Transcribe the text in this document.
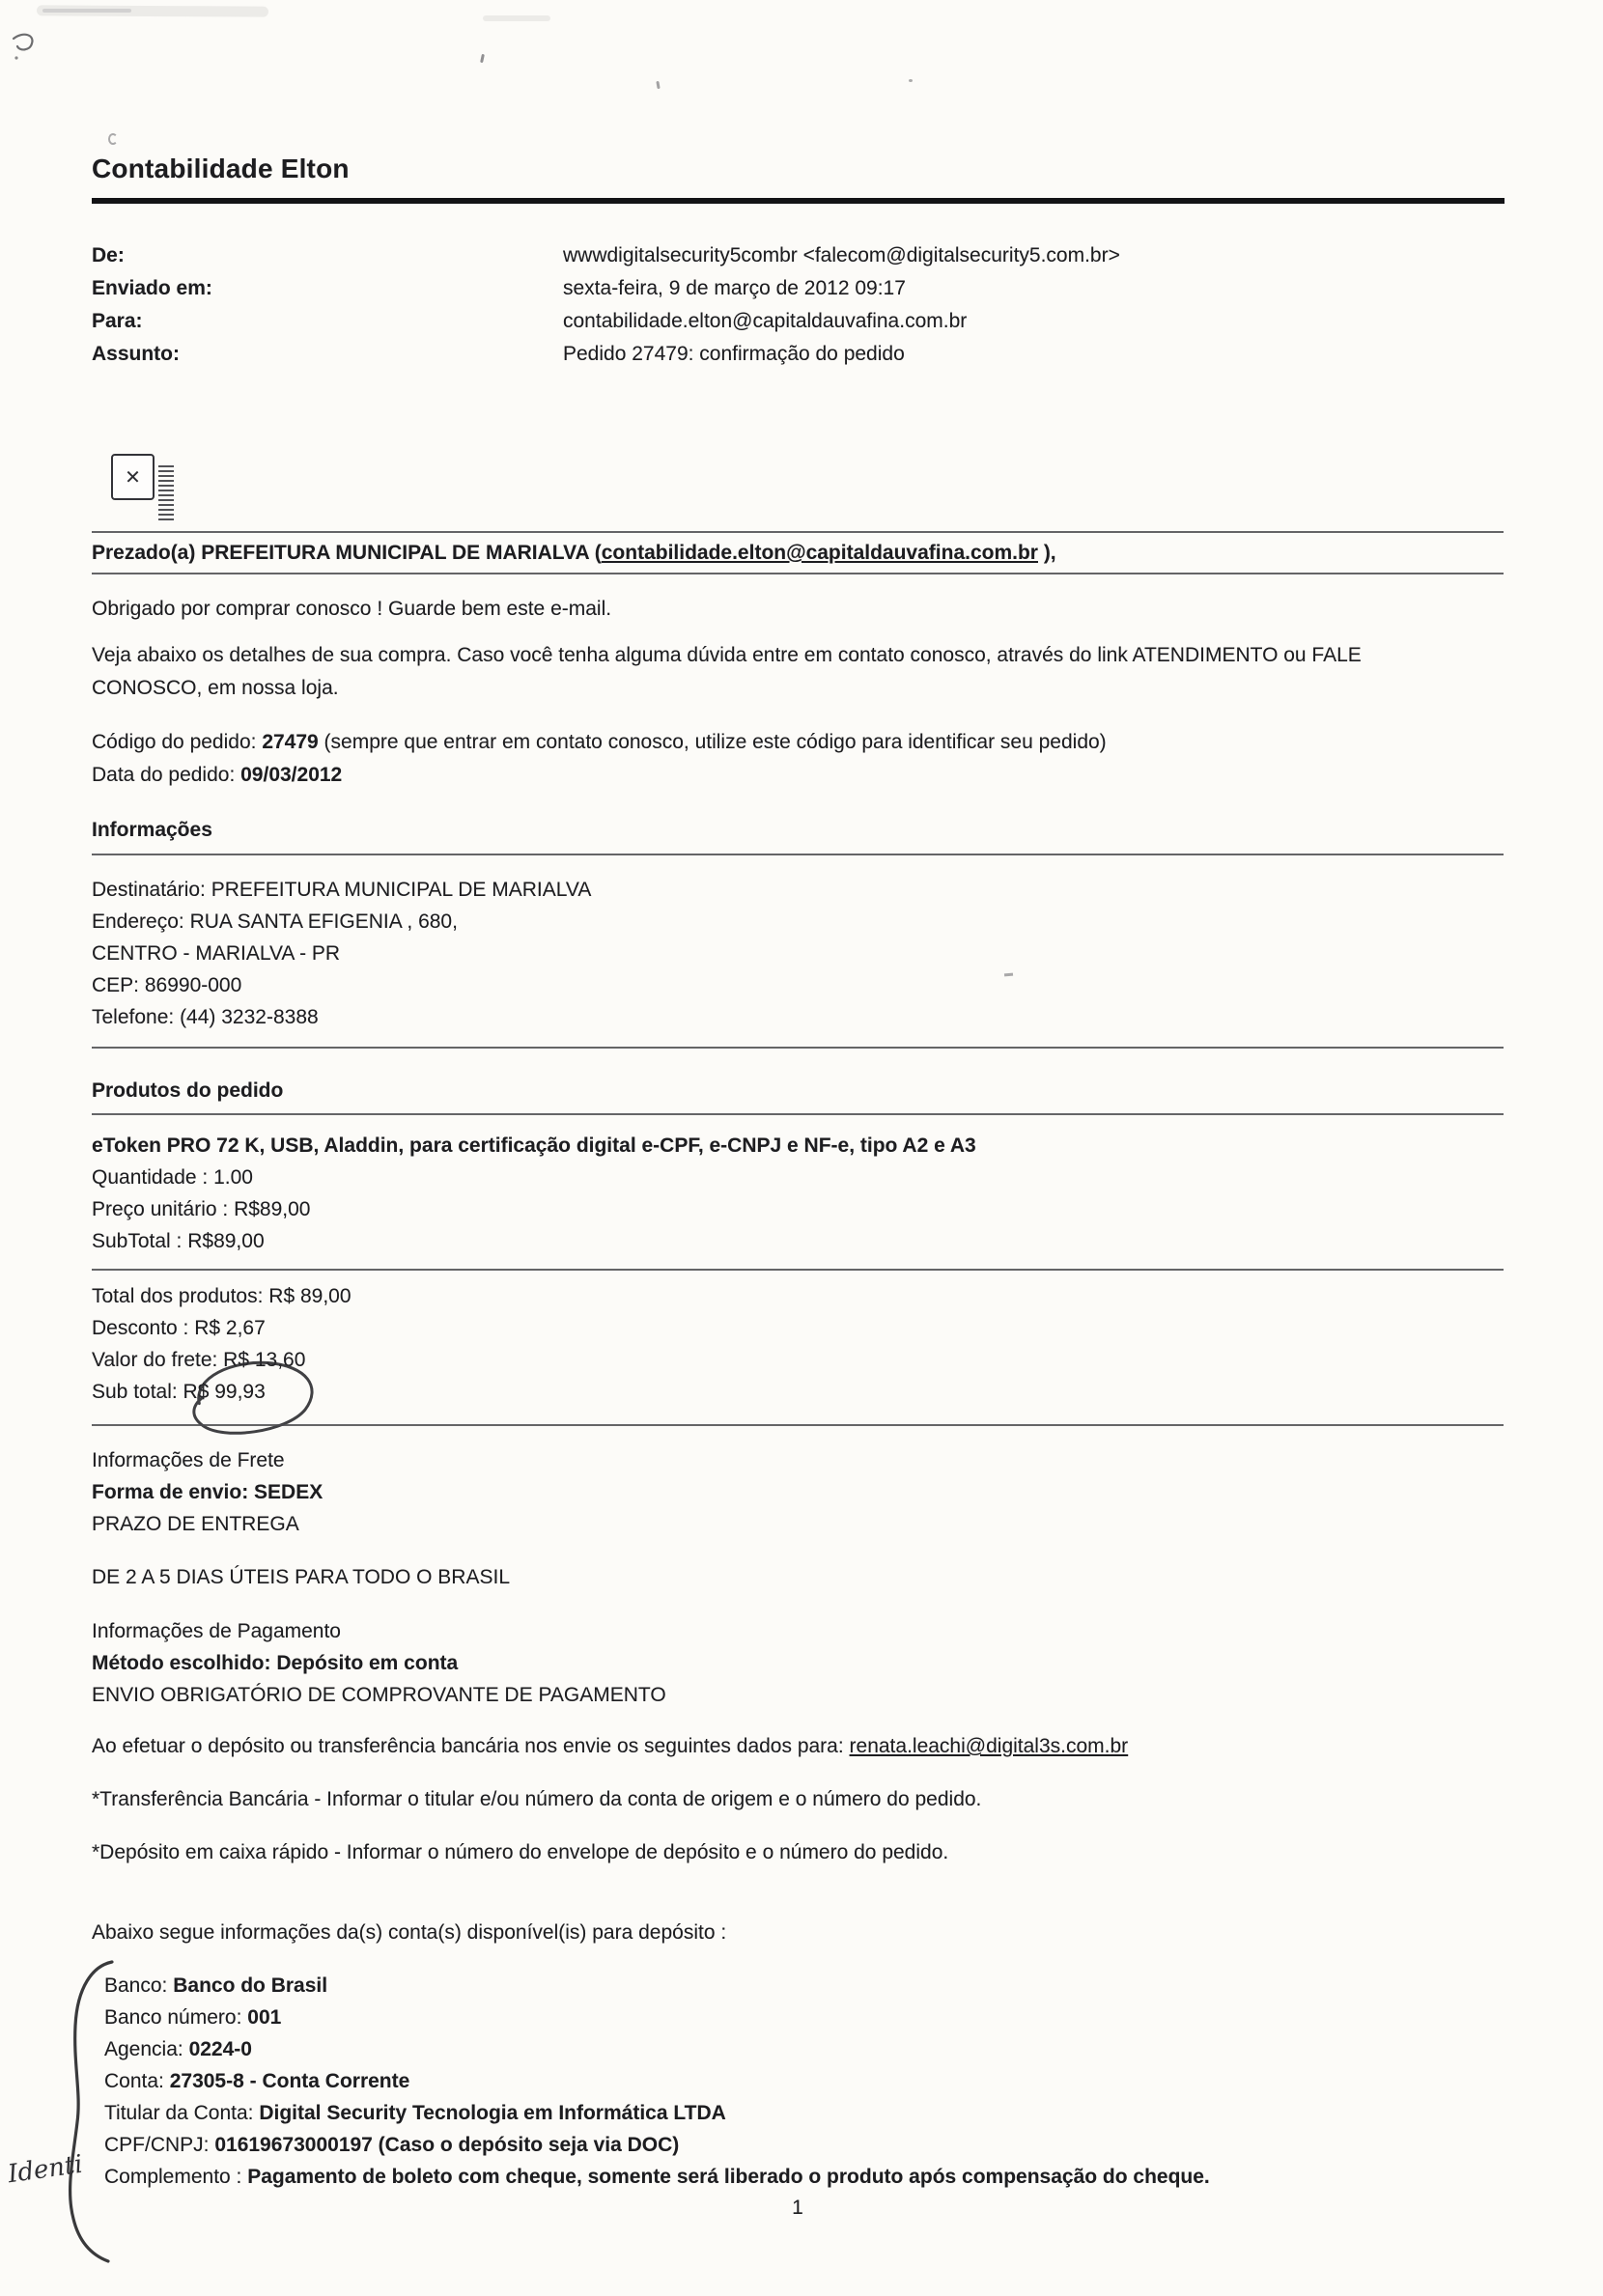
Contabilidade Elton
De:	wwwdigitalsecurity5combr <falecom@digitalsecurity5.com.br>
Enviado em:	sexta-feira, 9 de março de 2012 09:17
Para:	contabilidade.elton@capitaldauvafina.com.br
Assunto:	Pedido 27479: confirmação do pedido
✕
Prezado(a) PREFEITURA MUNICIPAL DE MARIALVA (contabilidade.elton@capitaldauvafina.com.br ),
Obrigado por comprar conosco ! Guarde bem este e-mail.
Veja abaixo os detalhes de sua compra. Caso você tenha alguma dúvida entre em contato conosco, através do link ATENDIMENTO ou FALE CONOSCO, em nossa loja.
Código do pedido: 27479 (sempre que entrar em contato conosco, utilize este código para identificar seu pedido)
Data do pedido: 09/03/2012
Informações
Destinatário: PREFEITURA MUNICIPAL DE MARIALVA
Endereço: RUA SANTA EFIGENIA , 680,
CENTRO - MARIALVA - PR
CEP: 86990-000
Telefone: (44) 3232-8388
Produtos do pedido
eToken PRO 72 K, USB, Aladdin, para certificação digital e-CPF, e-CNPJ e NF-e, tipo A2 e A3
Quantidade : 1.00
Preço unitário : R$89,00
SubTotal : R$89,00
Total dos produtos: R$ 89,00
Desconto : R$ 2,67
Valor do frete: R$ 13,60
Sub total: R$ 99,93
Informações de Frete
Forma de envio: SEDEX
PRAZO DE ENTREGA
DE 2 A 5 DIAS ÚTEIS PARA TODO O BRASIL
Informações de Pagamento
Método escolhido: Depósito em conta
ENVIO OBRIGATÓRIO DE COMPROVANTE DE PAGAMENTO
Ao efetuar o depósito ou transferência bancária nos envie os seguintes dados para: renata.leachi@digital3s.com.br
*Transferência Bancária - Informar o titular e/ou número da conta de origem e o número do pedido.
*Depósito em caixa rápido - Informar o número do envelope de depósito e o número do pedido.
Abaixo segue informações da(s) conta(s) disponível(is) para depósito :
Banco: Banco do Brasil
Banco número: 001
Agencia: 0224-0
Conta: 27305-8 - Conta Corrente
Titular da Conta: Digital Security Tecnologia em Informática LTDA
CPF/CNPJ: 01619673000197 (Caso o depósito seja via DOC)
Complemento : Pagamento de boleto com cheque, somente será liberado o produto após compensação do cheque.
Identi
1
